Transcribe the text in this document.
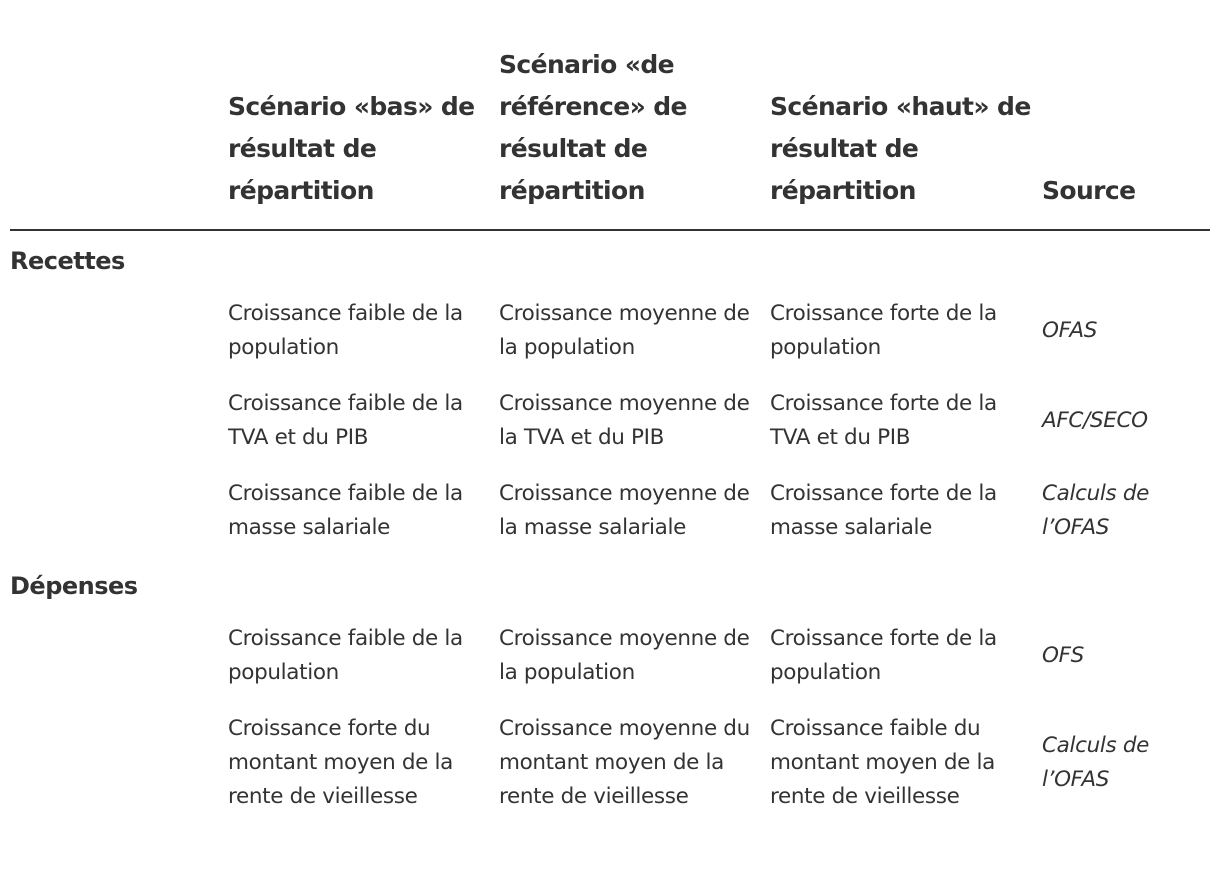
	Scénario «bas» de résultat de répartition	Scénario «de référence» de résultat de répartition	Scénario «haut» de résultat de répartition	Source
Recettes				
	Croissance faible de la population	Croissance moyenne de la population	Croissance forte de la population	OFAS
	Croissance faible de la TVA et du PIB	Croissance moyenne de la TVA et du PIB	Croissance forte de la TVA et du PIB	AFC/SECO
	Croissance faible de la masse salariale	Croissance moyenne de la masse salariale	Croissance forte de la masse salariale	Calculs de l’OFAS
Dépenses				
	Croissance faible de la population	Croissance moyenne de la population	Croissance forte de la population	OFS
	Croissance forte du montant moyen de la rente de vieillesse	Croissance moyenne du montant moyen de la rente de vieillesse	Croissance faible du montant moyen de la rente de vieillesse	Calculs de l’OFAS
